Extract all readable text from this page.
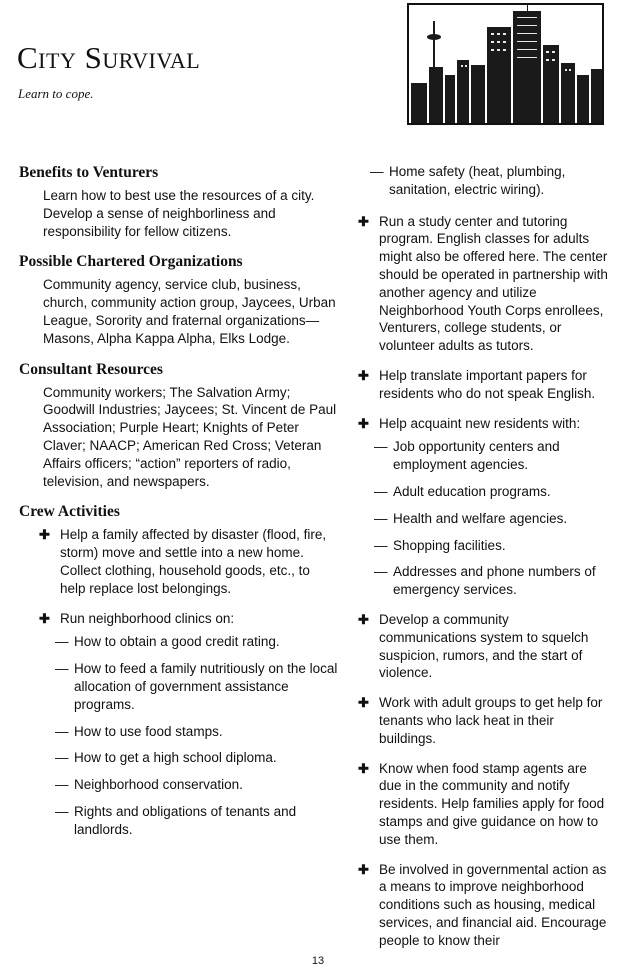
City Survival

Learn to cope.

Benefits to Venturers

Learn how to best use the resources of a city. Develop a sense of neighborliness and responsibility for fellow citizens.

Possible Chartered Organizations

Community agency, service club, business, church, community action group, Jaycees, Urban League, Sorority and fraternal organizations—Masons, Alpha Kappa Alpha, Elks Lodge.

Consultant Resources

Community workers; The Salvation Army; Goodwill Industries; Jaycees; St. Vincent de Paul Association; Purple Heart; Knights of Peter Claver; NAACP; American Red Cross; Veteran Affairs officers; “action” reporters of radio, television, and newspapers.

Crew Activities
✚ Help a family affected by disaster (flood, fire, storm) move and settle into a new home. Collect clothing, household goods, etc., to help replace lost belongings.
✚ Run neighborhood clinics on:
— How to obtain a good credit rating.
— How to feed a family nutritiously on the local allocation of government assistance programs.
— How to use food stamps.
— How to get a high school diploma.
— Neighborhood conservation.
— Rights and obligations of tenants and landlords.
— Home safety (heat, plumbing, sanitation, electric wiring).
✚ Run a study center and tutoring program. English classes for adults might also be offered here. The center should be operated in partnership with another agency and utilize Neighborhood Youth Corps enrollees, Venturers, college students, or volunteer adults as tutors.
✚ Help translate important papers for residents who do not speak English.
✚ Help acquaint new residents with:
— Job opportunity centers and employment agencies.
— Adult education programs.
— Health and welfare agencies.
— Shopping facilities.
— Addresses and phone numbers of emergency services.
✚ Develop a community communications system to squelch suspicion, rumors, and the start of violence.
✚ Work with adult groups to get help for tenants who lack heat in their buildings.
✚ Know when food stamp agents are due in the community and notify residents. Help families apply for food stamps and give guidance on how to use them.
✚ Be involved in governmental action as a means to improve neighborhood conditions such as housing, medical services, and financial aid. Encourage people to know their
13
